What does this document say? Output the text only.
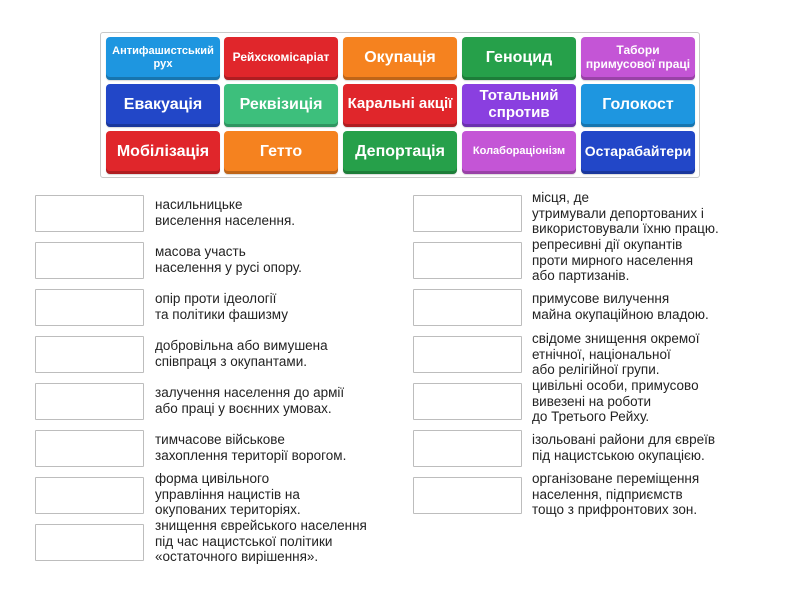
Антифашистський рух	Рейхскомісаріат	Окупація	Геноцид	Табори примусової праці
Евакуація	Реквізиція	Каральні акції	Тотальний спротив	Голокост
Мобілізація	Гетто	Депортація	Колабораціонізм	Остарабайтери
насильницьке
виселення населення.
масова участь
населення у русі опору.
опір проти ідеології
та політики фашизму
добровільна або вимушена
співпраця з окупантами.
залучення населення до армії
або праці у воєнних умовах.
тимчасове військове
захоплення території ворогом.
форма цивільного
управління нацистів на
окупованих територіях.
знищення єврейського населення
під час нацистської політики
«остаточного вирішення».
місця, де
утримували депортованих і
використовували їхню працю.
репресивні дії окупантів
проти мирного населення
або партизанів.
примусове вилучення
майна окупаційною владою.
свідоме знищення окремої
етнічної, національної
або релігійної групи.
цивільні особи, примусово
вивезені на роботи
до Третього Рейху.
ізольовані райони для євреїв
під нацистською окупацією.
організоване переміщення
населення, підприємств
тощо з прифронтових зон.
